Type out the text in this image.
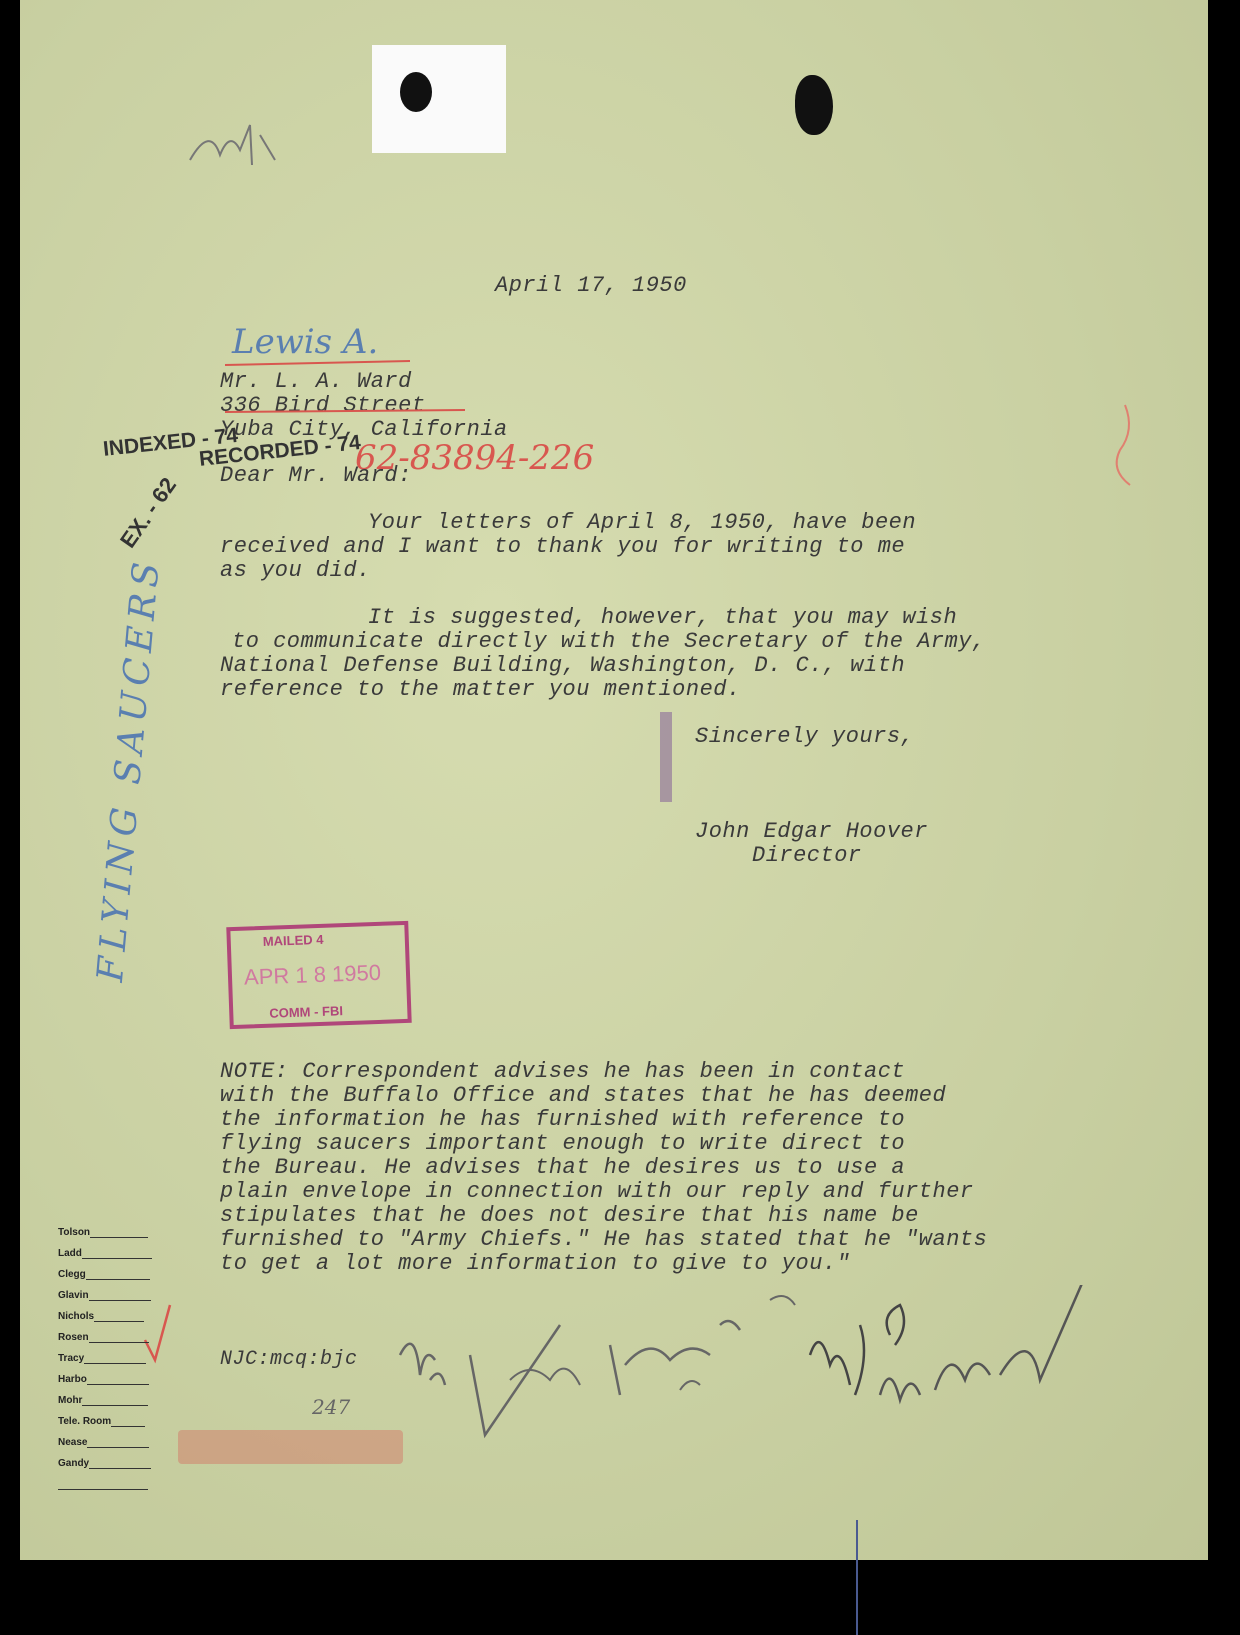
April 17, 1950
Lewis A.
Mr. L. A. Ward
336 Bird Street
Yuba City, California
INDEXED - 74
RECORDED - 74
62-83894-226
Dear Mr. Ward:
EX. - 62
FLYING SAUCERS
Your letters of April 8, 1950, have been
received and I want to thank you for writing to me
as you did.
It is suggested, however, that you may wish
to communicate directly with the Secretary of the Army,
National Defense Building, Washington, D. C., with
reference to the matter you mentioned.
Sincerely yours,
John Edgar Hoover
Director
MAILED 4
APR 1 8 1950
COMM - FBI
NOTE: Correspondent advises he has been in contact
with the Buffalo Office and states that he has deemed
the information he has furnished with reference to
flying saucers important enough to write direct to
the Bureau. He advises that he desires us to use a
plain envelope in connection with our reply and further
stipulates that he does not desire that his name be
furnished to "Army Chiefs." He has stated that he "wants
to get a lot more information to give to you."
NJC:mcq:bjc
247
Tolson
Ladd
Clegg
Glavin
Nichols
Rosen
Tracy
Harbo
Mohr
Tele. Room
Nease
Gandy
